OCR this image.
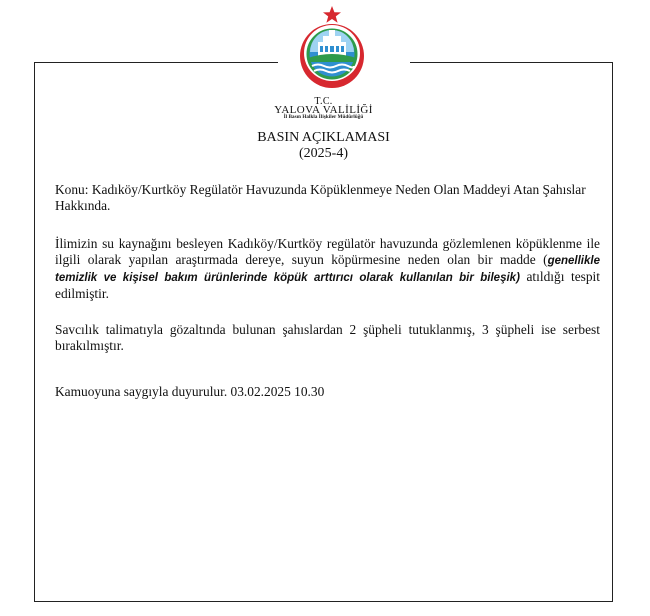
T.C.
YALOVA VALİLİĞİ
İl Basın Halkla İlişkiler Müdürlüğü
BASIN AÇIKLAMASI
(2025-4)
Konu: Kadıköy/Kurtköy Regülatör Havuzunda Köpüklenmeye Neden Olan Maddeyi Atan Şahıslar Hakkında.
İlimizin su kaynağını besleyen Kadıköy/Kurtköy regülatör havuzunda gözlemlenen köpüklenme ile ilgili olarak yapılan araştırmada dereye, suyun köpürmesine neden olan bir madde (genellikle temizlik ve kişisel bakım ürünlerinde köpük arttırıcı olarak kullanılan bir bileşik) atıldığı tespit edilmiştir.
Savcılık talimatıyla gözaltında bulunan şahıslardan 2 şüpheli tutuklanmış, 3 şüpheli ise serbest bırakılmıştır.
Kamuoyuna saygıyla duyurulur. 03.02.2025 10.30
